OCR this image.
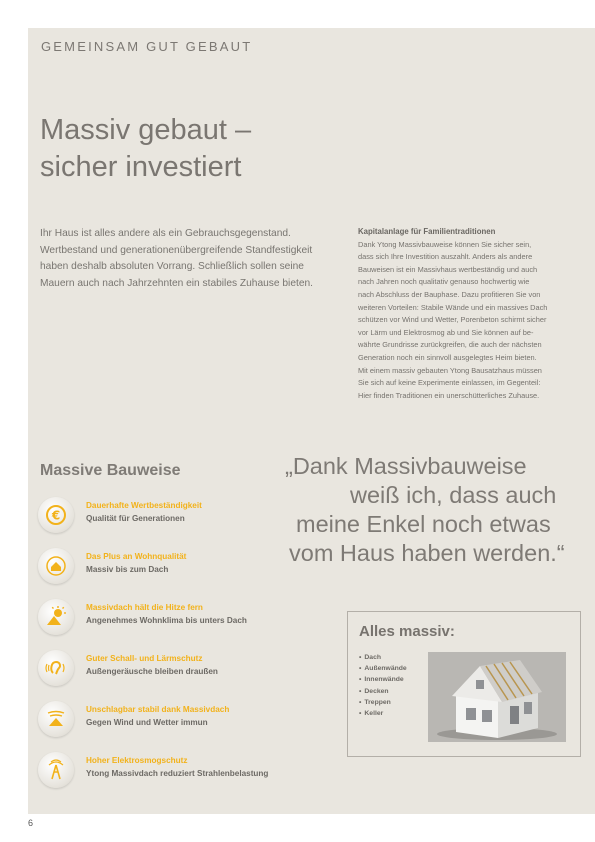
GEMEINSAM GUT GEBAUT
Massiv gebaut –
sicher investiert
Ihr Haus ist alles andere als ein Gebrauchsgegenstand.
Wertbestand und generationenübergreifende Standfestigkeit
haben deshalb absoluten Vorrang. Schließlich sollen seine
Mauern auch nach Jahrzehnten ein stabiles Zuhause bieten.
Kapitalanlage für Familientraditionen
Dank Ytong Massivbauweise können Sie sicher sein,
dass sich Ihre Investition auszahlt. Anders als andere
Bauweisen ist ein Massivhaus wertbeständig und auch
nach Jahren noch qualitativ genauso hochwertig wie
nach Abschluss der Bauphase. Dazu profitieren Sie von
weiteren Vorteilen: Stabile Wände und ein massives Dach
schützen vor Wind und Wetter, Porenbeton schirmt sicher
vor Lärm und Elektrosmog ab und Sie können auf be-
währte Grundrisse zurückgreifen, die auch der nächsten
Generation noch ein sinnvoll ausgelegtes Heim bieten.
Mit einem massiv gebauten Ytong Bausatzhaus müssen
Sie sich auf keine Experimente einlassen, im Gegenteil:
Hier finden Traditionen ein unerschütterliches Zuhause.
Massive Bauweise
€
Dauerhafte Wertbeständigkeit
Qualität für Generationen
Das Plus an Wohnqualität
Massiv bis zum Dach
Massivdach hält die Hitze fern
Angenehmes Wohnklima bis unters Dach
Guter Schall- und Lärmschutz
Außengeräusche bleiben draußen
Unschlagbar stabil dank Massivdach
Gegen Wind und Wetter immun
Hoher Elektrosmogschutz
Ytong Massivdach reduziert Strahlenbelastung
„Dank Massivbauweise
weiß ich, dass auch
meine Enkel noch etwas
vom Haus haben werden.“
Alles massiv:
• Dach
• Außenwände
• Innenwände
• Decken
• Treppen
• Keller
6
